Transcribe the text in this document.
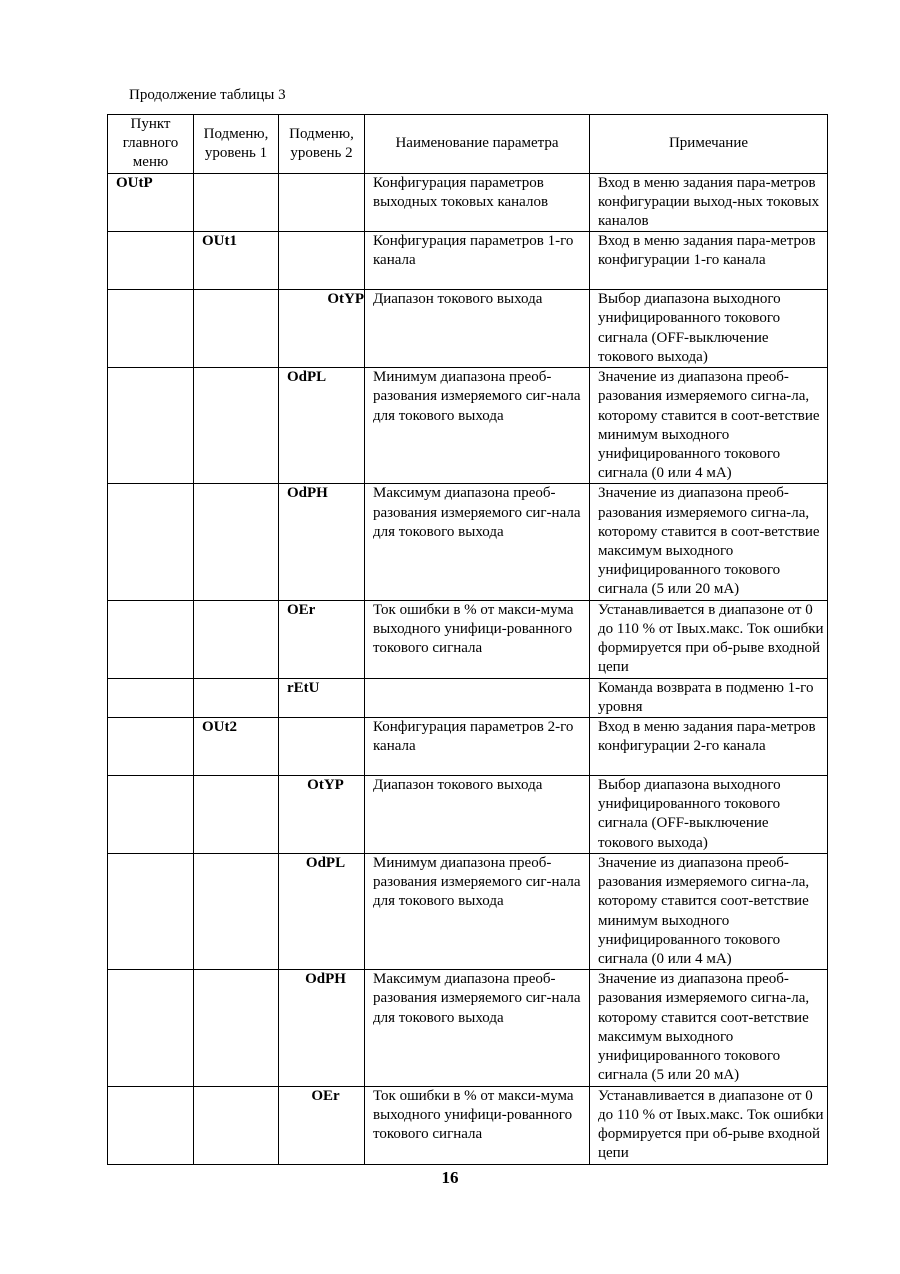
Продолжение таблицы 3
Пункт главного меню	Подменю, уровень 1	Подменю, уровень 2	Наименование параметра	Примечание
OUtP			Конфигурация параметров выходных токовых каналов	Вход в меню задания пара-метров конфигурации выход-ных токовых каналов
	OUt1		Конфигурация параметров 1-го канала	Вход в меню задания пара-метров конфигурации 1-го канала
		OtYP	Диапазон токового выхода	Выбор диапазона выходного унифицированного токового сигнала (OFF-выключение токового выхода)
		OdPL	Минимум диапазона преоб-разования измеряемого сиг-нала для токового выхода	Значение из диапазона преоб-разования измеряемого сигна-ла, которому ставится в соот-ветствие минимум выходного унифицированного токового сигнала (0 или 4 мА)
		OdPH	Максимум диапазона преоб-разования измеряемого сиг-нала для токового выхода	Значение из диапазона преоб-разования измеряемого сигна-ла, которому ставится в соот-ветствие максимум выходного унифицированного токового сигнала (5 или 20 мА)
		OEr	Ток ошибки в % от макси-мума выходного унифици-рованного токового сигнала	Устанавливается в диапазоне от 0 до 110 % от Iвых.макс. Ток ошибки формируется при об-рыве входной цепи
		rEtU		Команда возврата в подменю 1-го уровня
	OUt2		Конфигурация параметров 2-го канала	Вход в меню задания пара-метров конфигурации 2-го канала
		OtYP	Диапазон токового выхода	Выбор диапазона выходного унифицированного токового сигнала (OFF-выключение токового выхода)
		OdPL	Минимум диапазона преоб-разования измеряемого сиг-нала для токового выхода	Значение из диапазона преоб-разования измеряемого сигна-ла, которому ставится соот-ветствие минимум выходного унифицированного токового сигнала (0 или 4 мА)
		OdPH	Максимум диапазона преоб-разования измеряемого сиг-нала для токового выхода	Значение из диапазона преоб-разования измеряемого сигна-ла, которому ставится соот-ветствие максимум выходного унифицированного токового сигнала (5 или 20 мА)
		OEr	Ток ошибки в % от макси-мума выходного унифици-рованного токового сигнала	Устанавливается в диапазоне от 0 до 110 % от Iвых.макс. Ток ошибки формируется при об-рыве входной цепи
16
